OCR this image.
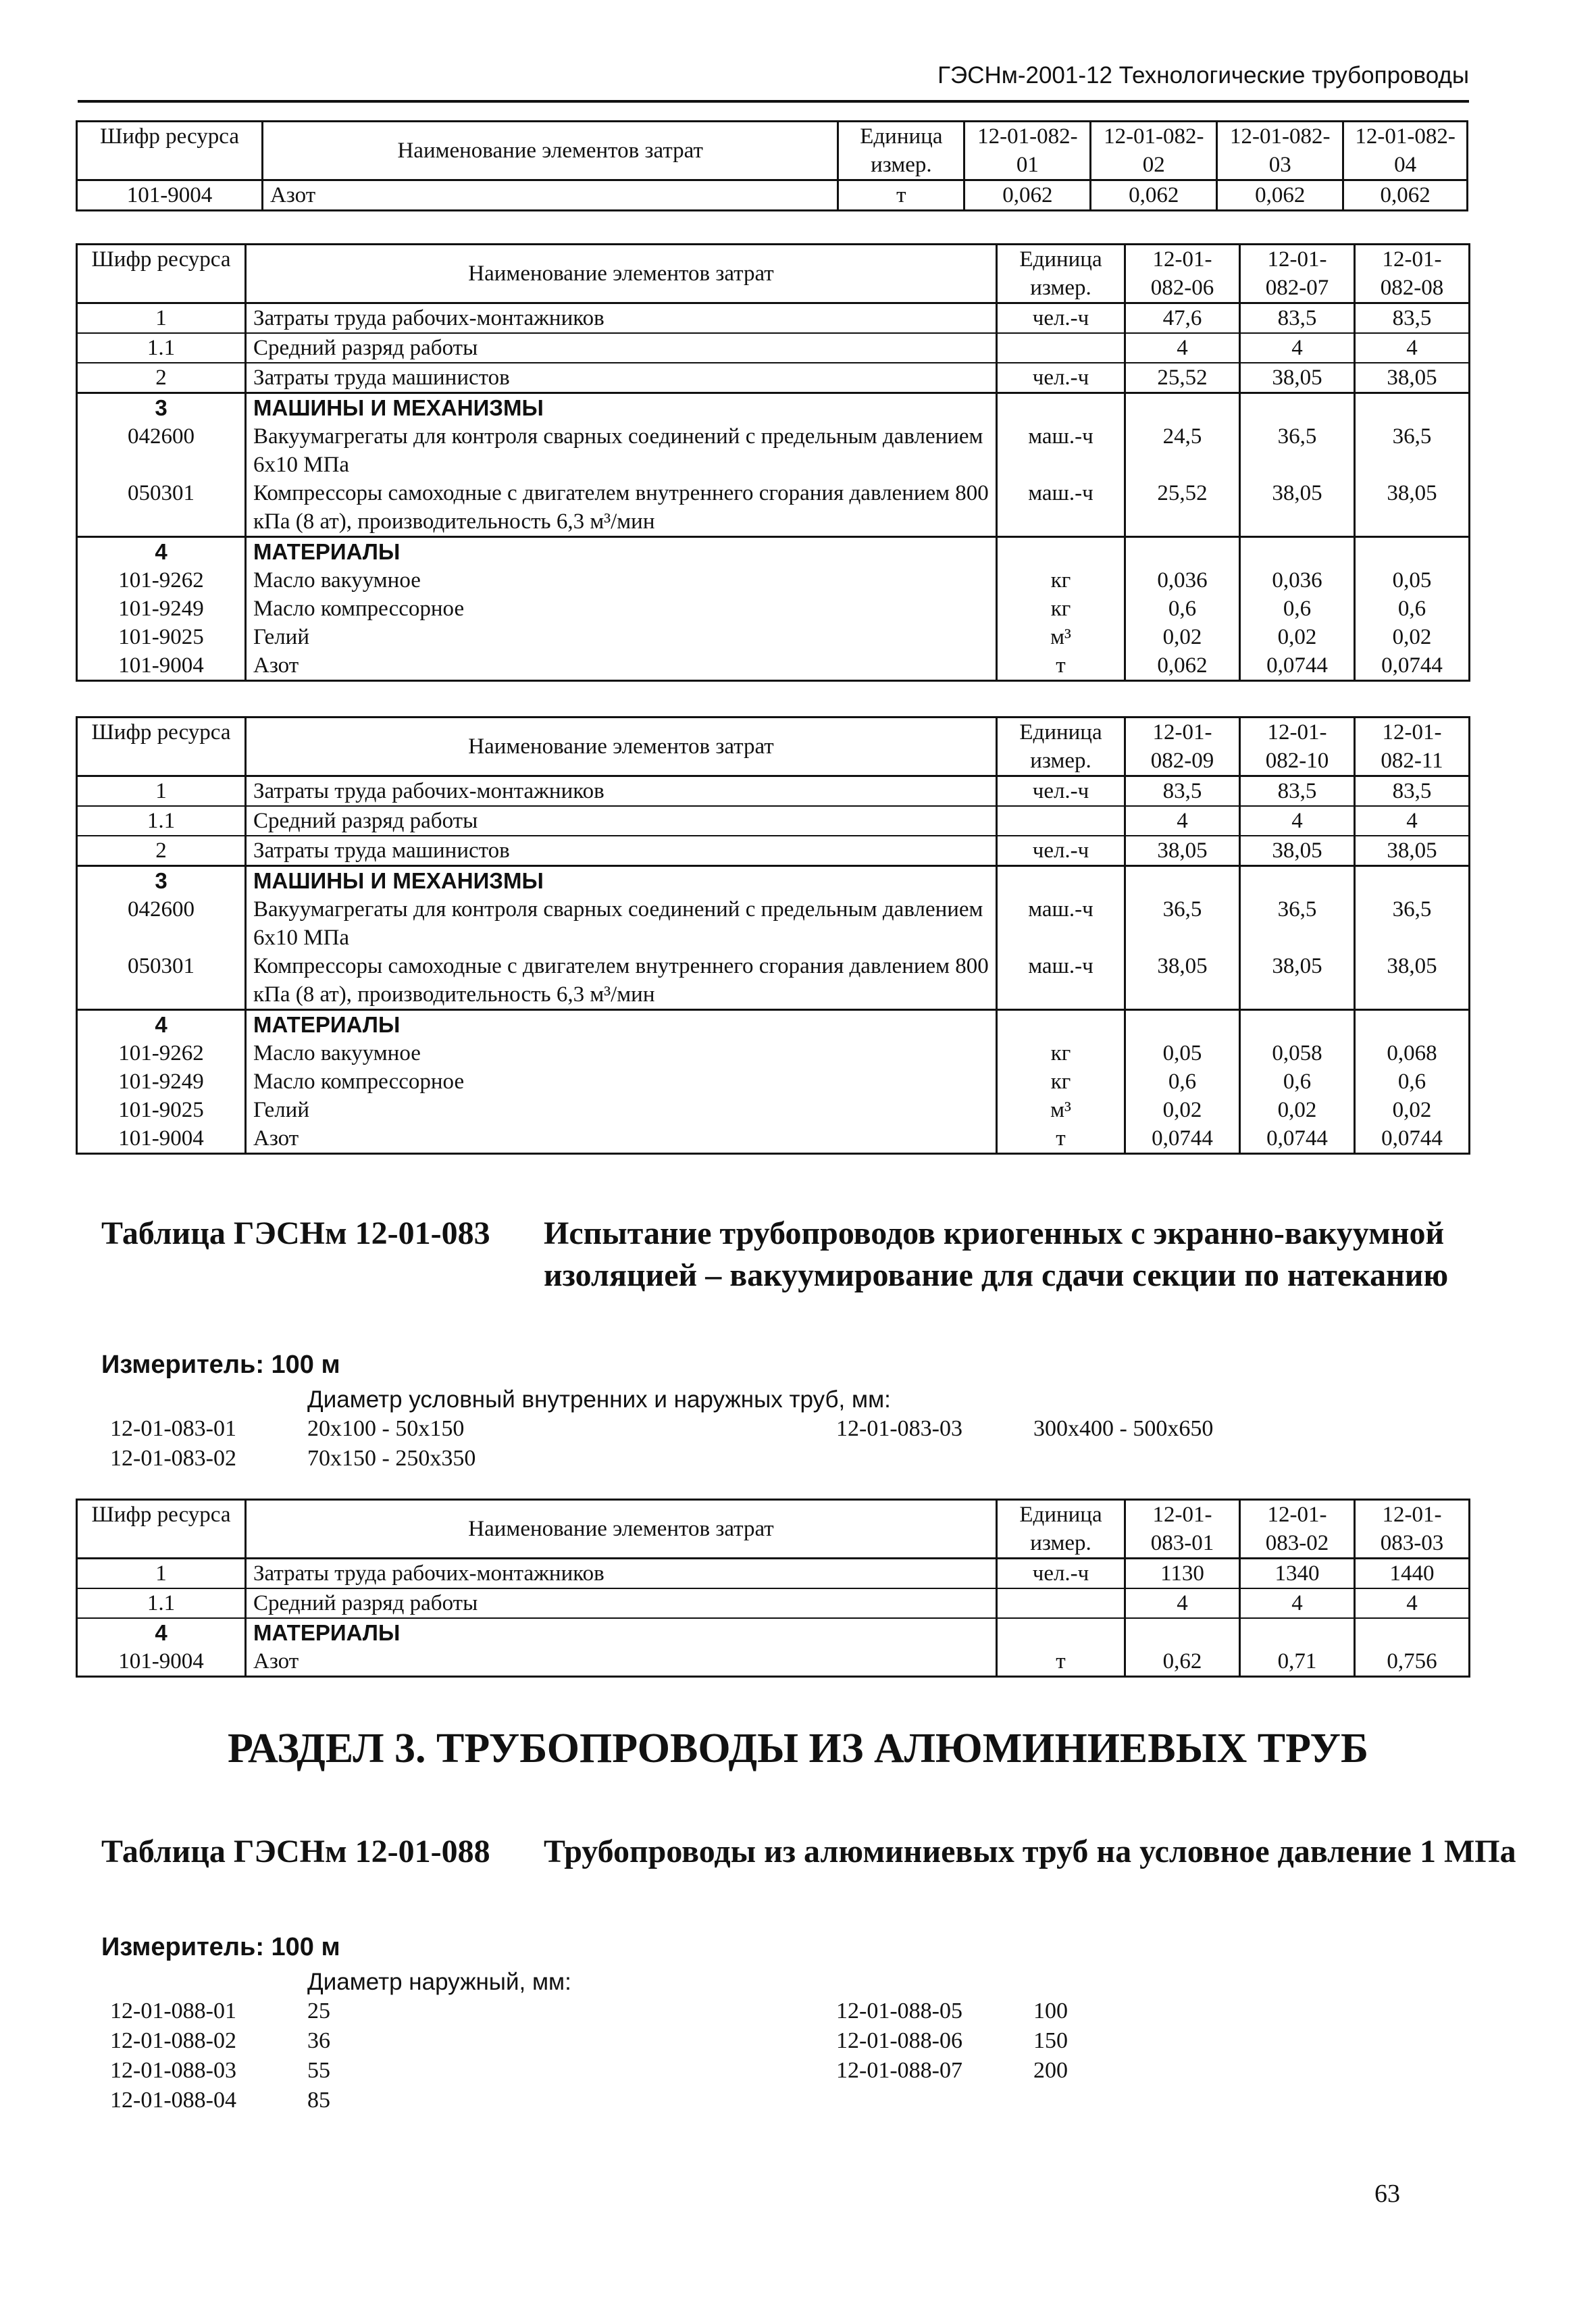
ГЭСНм-2001-12 Технологические трубопроводы
Шифр ресурса	Наименование элементов затрат	Единица измер.	12-01-082-01	12-01-082-02	12-01-082-03	12-01-082-04
101-9004	Азот	т	0,062	0,062	0,062	0,062
Шифр ресурса	Наименование элементов затрат	Единица измер.	12-01-082-06	12-01-082-07	12-01-082-08
1	Затраты труда рабочих-монтажников	чел.-ч	47,6	83,5	83,5
1.1	Средний разряд работы		4	4	4
2	Затраты труда машинистов	чел.-ч	25,52	38,05	38,05
3	МАШИНЫ И МЕХАНИЗМЫ				
042600	Вакуумагрегаты для контроля сварных соединений с предельным давлением 6х10 МПа	маш.-ч	24,5	36,5	36,5
050301	Компрессоры самоходные с двигателем внутреннего сгорания давлением 800 кПа (8 ат), производительность 6,3 м³/мин	маш.-ч	25,52	38,05	38,05
4	МАТЕРИАЛЫ				
101-9262	Масло вакуумное	кг	0,036	0,036	0,05
101-9249	Масло компрессорное	кг	0,6	0,6	0,6
101-9025	Гелий	м³	0,02	0,02	0,02
101-9004	Азот	т	0,062	0,0744	0,0744
Шифр ресурса	Наименование элементов затрат	Единица измер.	12-01-082-09	12-01-082-10	12-01-082-11
1	Затраты труда рабочих-монтажников	чел.-ч	83,5	83,5	83,5
1.1	Средний разряд работы		4	4	4
2	Затраты труда машинистов	чел.-ч	38,05	38,05	38,05
3	МАШИНЫ И МЕХАНИЗМЫ				
042600	Вакуумагрегаты для контроля сварных соединений с предельным давлением 6х10 МПа	маш.-ч	36,5	36,5	36,5
050301	Компрессоры самоходные с двигателем внутреннего сгорания давлением 800 кПа (8 ат), производительность 6,3 м³/мин	маш.-ч	38,05	38,05	38,05
4	МАТЕРИАЛЫ				
101-9262	Масло вакуумное	кг	0,05	0,058	0,068
101-9249	Масло компрессорное	кг	0,6	0,6	0,6
101-9025	Гелий	м³	0,02	0,02	0,02
101-9004	Азот	т	0,0744	0,0744	0,0744
Таблица ГЭСНм 12-01-083 Испытание трубопроводов криогенных с экранно-вакуумной изоляцией – вакуумирование для сдачи секции по натеканию
Измеритель: 100 м
Диаметр условный внутренних и наружных труб, мм:
12-01-083-01	20х100 - 50х150
12-01-083-02	70х150 - 250х350
12-01-083-03	300х400 - 500х650
Шифр ресурса	Наименование элементов затрат	Единица измер.	12-01-083-01	12-01-083-02	12-01-083-03
1	Затраты труда рабочих-монтажников	чел.-ч	1130	1340	1440
1.1	Средний разряд работы		4	4	4
4	МАТЕРИАЛЫ				
101-9004	Азот	т	0,62	0,71	0,756
РАЗДЕЛ 3. ТРУБОПРОВОДЫ ИЗ АЛЮМИНИЕВЫХ ТРУБ
Таблица ГЭСНм 12-01-088 Трубопроводы из алюминиевых труб на условное давление 1 МПа
Измеритель: 100 м
Диаметр наружный, мм:
12-01-088-01	25
12-01-088-02	36
12-01-088-03	55
12-01-088-04	85
12-01-088-05	100
12-01-088-06	150
12-01-088-07	200
63
